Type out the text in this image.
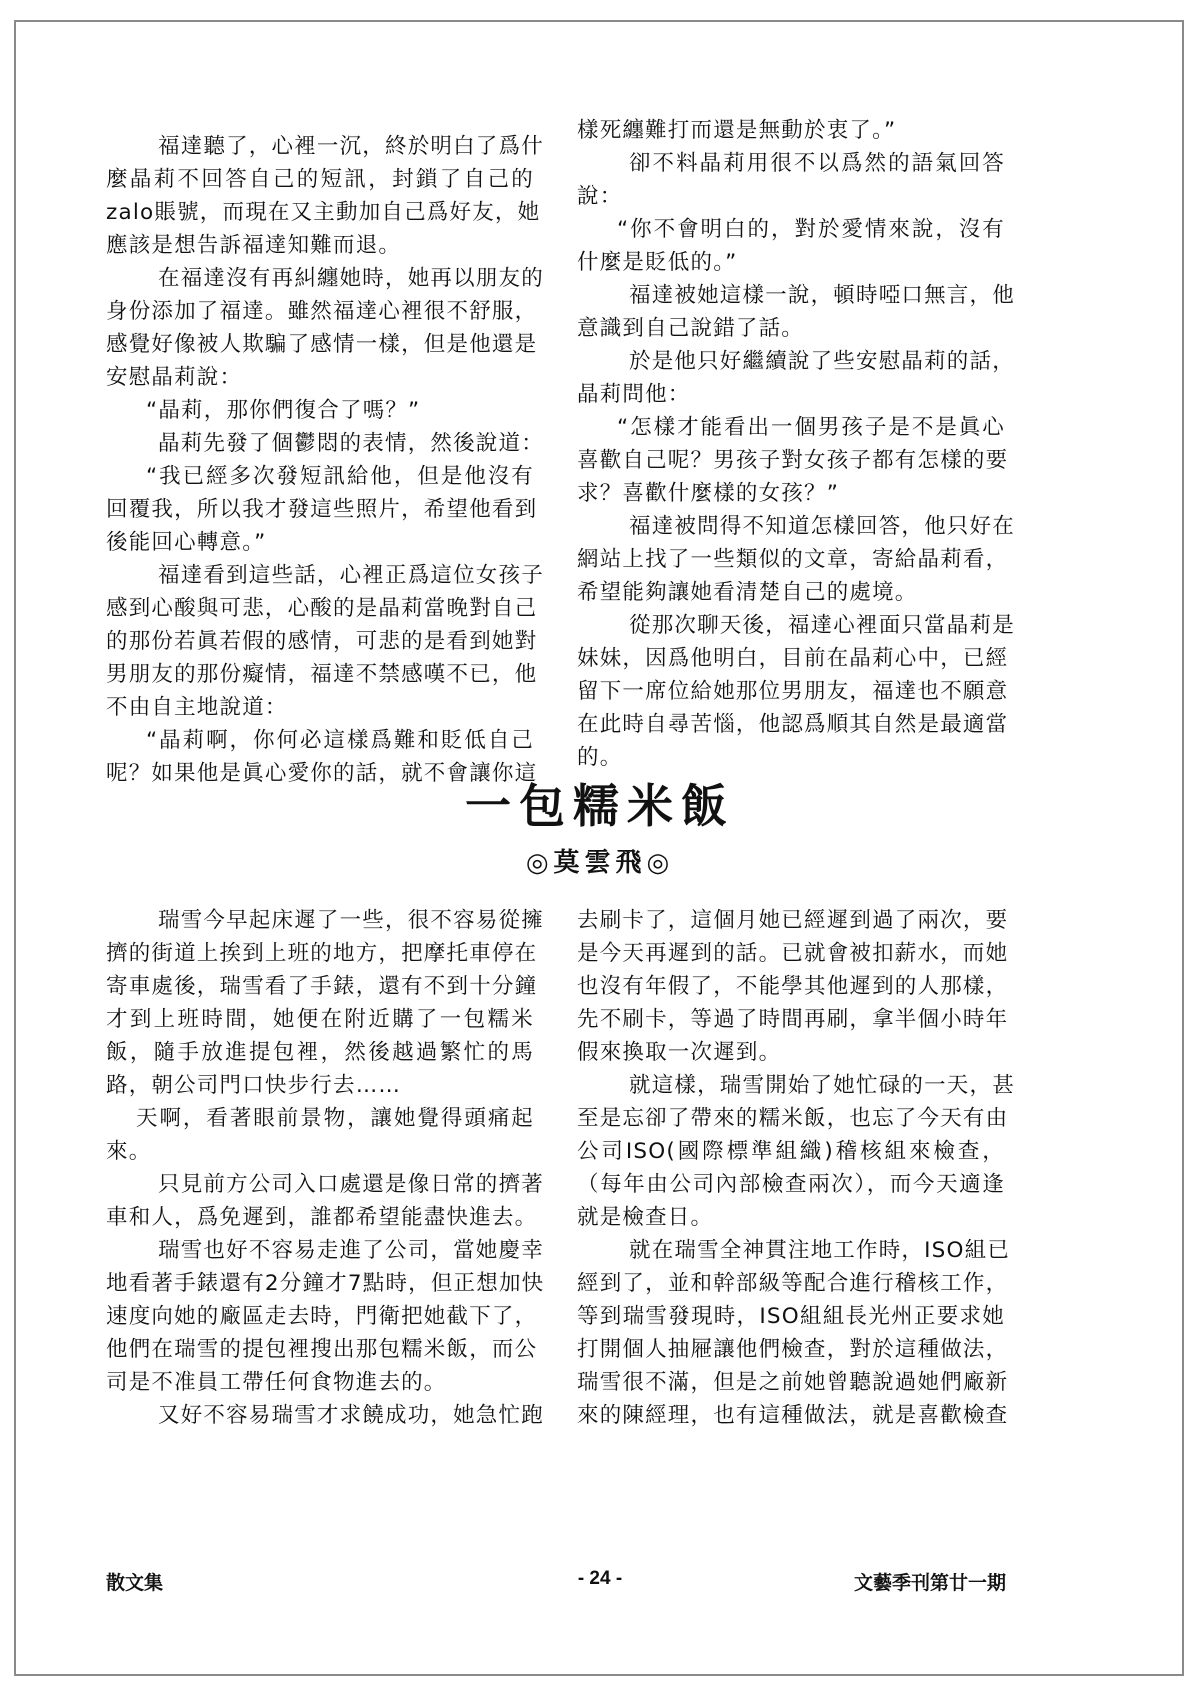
福達聽了，心裡一沉，終於明白了爲什
麼晶莉不回答自己的短訊，封鎖了自己的
zalo賬號，而現在又主動加自己爲好友，她
應該是想告訴福達知難而退。
在福達沒有再糾纏她時，她再以朋友的
身份添加了福達。雖然福達心裡很不舒服，
感覺好像被人欺騙了感情一樣，但是他還是
安慰晶莉說：
“晶莉，那你們復合了嗎？”
晶莉先發了個鬱悶的表情，然後說道：
“我已經多次發短訊給他，但是他沒有
回覆我，所以我才發這些照片，希望他看到
後能回心轉意。”
福達看到這些話，心裡正爲這位女孩子
感到心酸與可悲，心酸的是晶莉當晚對自己
的那份若眞若假的感情，可悲的是看到她對
男朋友的那份癡情，福達不禁感嘆不已，他
不由自主地說道：
“晶莉啊，你何必這樣爲難和貶低自己
呢？如果他是眞心愛你的話，就不會讓你這
樣死纏難打而還是無動於衷了。”
卻不料晶莉用很不以爲然的語氣回答
說：
“你不會明白的，對於愛情來說，沒有
什麼是貶低的。”
福達被她這樣一說，頓時啞口無言，他
意識到自己說錯了話。
於是他只好繼續說了些安慰晶莉的話，
晶莉問他：
“怎樣才能看出一個男孩子是不是眞心
喜歡自己呢？男孩子對女孩子都有怎樣的要
求？喜歡什麼樣的女孩？”
福達被問得不知道怎樣回答，他只好在
網站上找了一些類似的文章，寄給晶莉看，
希望能夠讓她看清楚自己的處境。
從那次聊天後，福達心裡面只當晶莉是
妹妹，因爲他明白，目前在晶莉心中，已經
留下一席位給她那位男朋友，福達也不願意
在此時自尋苦惱，他認爲順其自然是最適當
的。
一包糯米飯
◎莫雲飛◎
瑞雪今早起床遲了一些，很不容易從擁
擠的街道上挨到上班的地方，把摩托車停在
寄車處後，瑞雪看了手錶，還有不到十分鐘
才到上班時間，她便在附近購了一包糯米
飯，隨手放進提包裡，然後越過繁忙的馬
路，朝公司門口快步行去……
天啊，看著眼前景物，讓她覺得頭痛起
來。
只見前方公司入口處還是像日常的擠著
車和人，爲免遲到，誰都希望能盡快進去。
瑞雪也好不容易走進了公司，當她慶幸
地看著手錶還有2分鐘才7點時，但正想加快
速度向她的廠區走去時，門衛把她截下了，
他們在瑞雪的提包裡搜出那包糯米飯，而公
司是不准員工帶任何食物進去的。
又好不容易瑞雪才求饒成功，她急忙跑
去刷卡了，這個月她已經遲到過了兩次，要
是今天再遲到的話。已就會被扣薪水，而她
也沒有年假了，不能學其他遲到的人那樣，
先不刷卡，等過了時間再刷，拿半個小時年
假來換取一次遲到。
就這樣，瑞雪開始了她忙碌的一天，甚
至是忘卻了帶來的糯米飯，也忘了今天有由
公司ISO(國際標準組織)稽核組來檢查，
（每年由公司內部檢查兩次），而今天適逢
就是檢查日。
就在瑞雪全神貫注地工作時，ISO組已
經到了，並和幹部級等配合進行稽核工作，
等到瑞雪發現時，ISO組組長光州正要求她
打開個人抽屜讓他們檢查，對於這種做法，
瑞雪很不滿，但是之前她曾聽說過她們廠新
來的陳經理，也有這種做法，就是喜歡檢查
散文集	- 24 -	文藝季刊第廿一期
